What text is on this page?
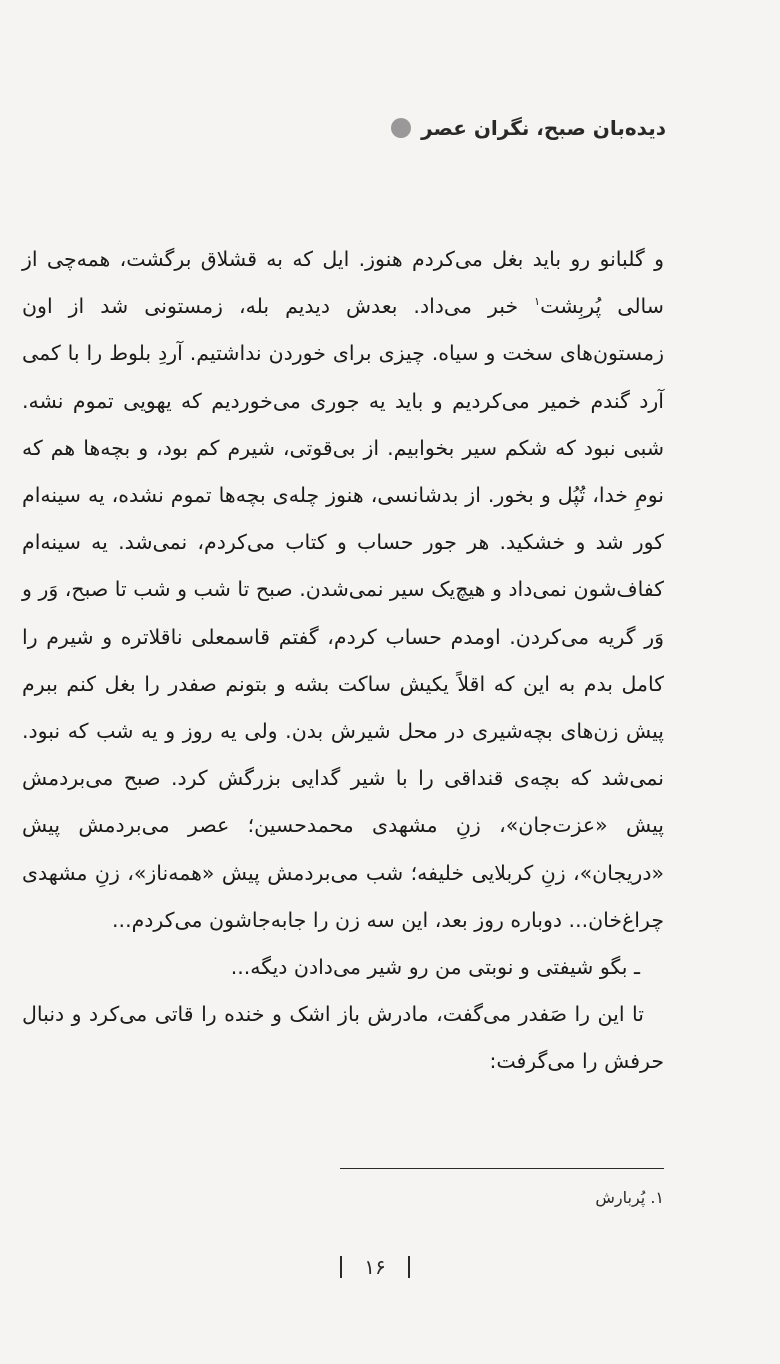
دیده‌بان صبح، نگران عصر

و گلبانو رو باید بغل می‌کردم هنوز. ایل که به قشلاق برگشت، همه‌چی از سالی پُربِشت$^۱$ خبر می‌داد. بعدش دیدیم بله، زمستونی شد از اون زمستون‌های سخت و سیاه. چیزی برای خوردن نداشتیم. آردِ بلوط را با کمی آرد گندم خمیر می‌کردیم و باید یه جوری می‌خوردیم که یهویی تموم نشه. شبی نبود که شکم سیر بخوابیم. از بی‌قوتی، شیرم کم بود، و بچه‌ها هم که نومِ خدا، تُپُل و بخور. از بدشانسی، هنوز چله‌ی بچه‌ها تموم نشده، یه سینه‌ام کور شد و خشکید. هر جور حساب و کتاب می‌کردم، نمی‌شد. یه سینه‌ام کفاف‌شون نمی‌داد و هیچ‌یک سیر نمی‌شدن. صبح تا شب و شب تا صبح، وَر و وَر گریه می‌کردن. اومدم حساب کردم، گفتم قاسمعلی ناقلاتره و شیرم را کامل بدم به این که اقلاً یکیش ساکت بشه و بتونم صفدر را بغل کنم ببرم پیش زن‌های بچه‌شیری در محل شیرش بدن. ولی یه روز و یه شب که نبود. نمی‌شد که بچه‌ی قنداقی را با شیر گدایی بزرگش کرد. صبح می‌بردمش پیش «عزت‌جان»، زنِ مشهدی محمدحسین؛ عصر می‌بردمش پیش «دریجان»، زنِ کربلایی خلیفه؛ شب می‌بردمش پیش «همه‌ناز»، زنِ مشهدی چراغ‌خان... دوباره روز بعد، این سه زن را جابه‌جاشون می‌کردم...

ـ بگو شیفتی و نوبتی من رو شیر می‌دادن دیگه...

تا این را صَفدر می‌گفت، مادرش باز اشک و خنده را قاتی می‌کرد و دنبال حرفش را می‌گرفت:

۱. پُربارش
۱۶
